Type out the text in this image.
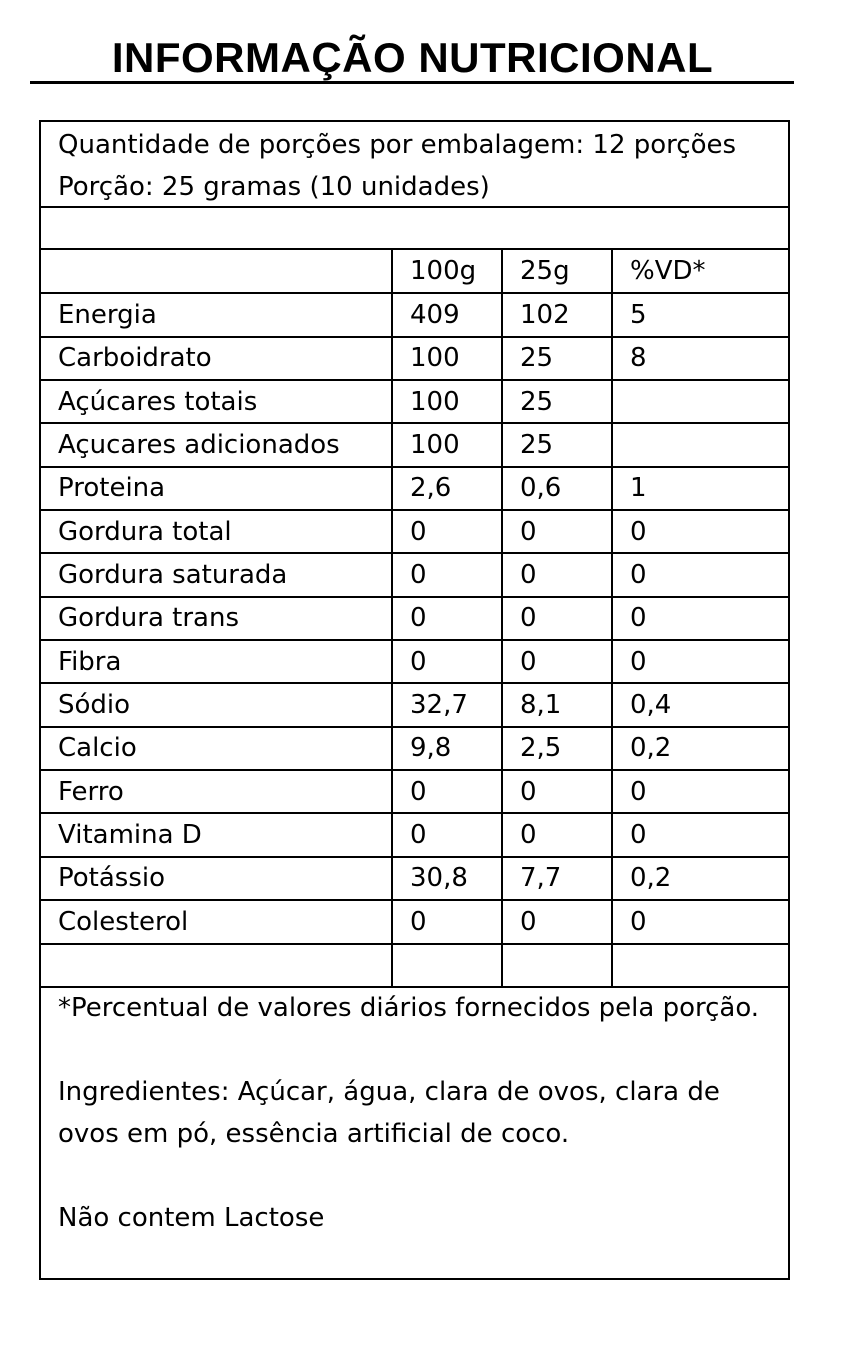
INFORMAÇÃO NUTRICIONAL
Quantidade de porções por embalagem: 12 porções
Porção: 25 gramas (10 unidades)
	100g	25g	%VD*
Energia	409	102	5
Carboidrato	100	25	8
Açúcares totais	100	25	
Açucares adicionados	100	25	
Proteina	2,6	0,6	1
Gordura total	0	0	0
Gordura saturada	0	0	0
Gordura trans	0	0	0
Fibra	0	0	0
Sódio	32,7	8,1	0,4
Calcio	9,8	2,5	0,2
Ferro	0	0	0
Vitamina D	0	0	0
Potássio	30,8	7,7	0,2
Colesterol	0	0	0

*Percentual de valores diários fornecidos pela porção.

Ingredientes: Açúcar, água, clara de ovos, clara de ovos em pó, essência artificial de coco.

Não contem Lactose
